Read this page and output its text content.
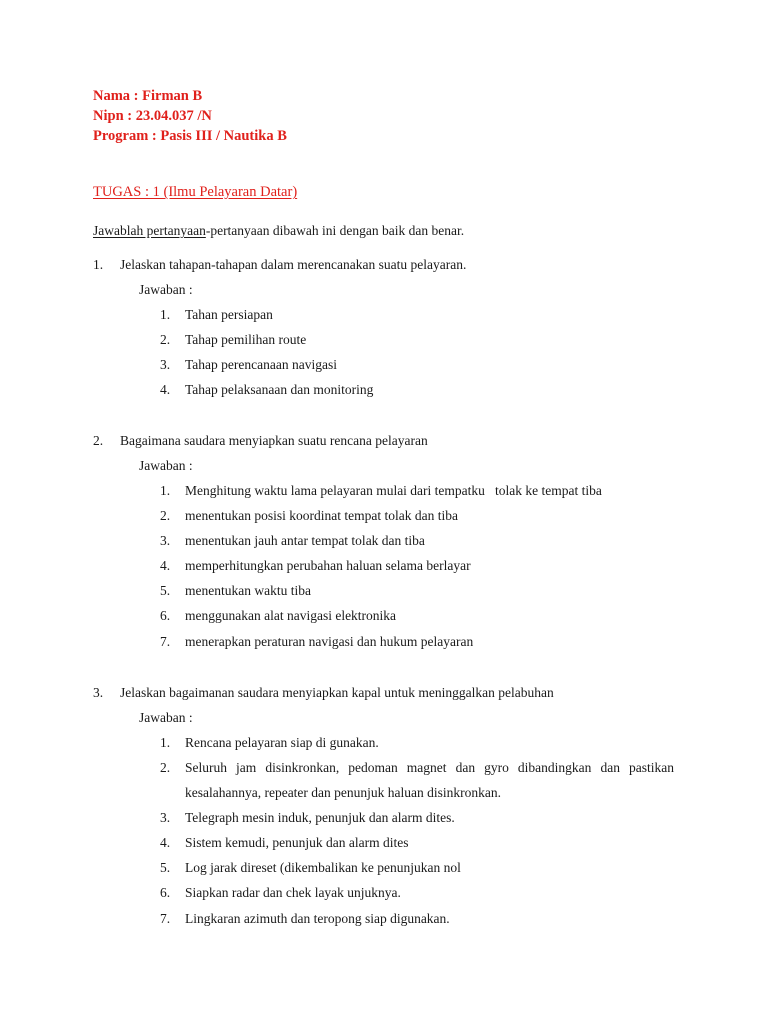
Nama : Firman B
Nipn : 23.04.037 /N
Program : Pasis III / Nautika B
TUGAS : 1 (Ilmu Pelayaran Datar)
Jawablah pertanyaan-pertanyaan dibawah ini dengan baik dan benar.
1. Jelaskan tahapan-tahapan dalam merencanakan suatu pelayaran.
Jawaban :
1.	Tahan persiapan
2.	Tahap pemilihan route
3.	Tahap perencanaan navigasi
4.	Tahap pelaksanaan dan monitoring
2. Bagaimana saudara menyiapkan suatu rencana pelayaran
Jawaban :
1.	Menghitung waktu lama pelayaran mulai dari tempatku   tolak ke tempat tiba
2.	menentukan posisi koordinat tempat tolak dan tiba
3.	menentukan jauh antar tempat tolak dan tiba
4.	memperhitungkan perubahan haluan selama berlayar
5.	menentukan waktu tiba
6.	menggunakan alat navigasi elektronika
7.	menerapkan peraturan navigasi dan hukum pelayaran
3. Jelaskan bagaimanan saudara menyiapkan kapal untuk meninggalkan pelabuhan
Jawaban :
1.	Rencana pelayaran siap di gunakan.
2.	Seluruh jam disinkronkan, pedoman magnet dan gyro dibandingkan dan pastikan kesalahannya, repeater dan penunjuk haluan disinkronkan.
3.	Telegraph mesin induk, penunjuk dan alarm dites.
4.	Sistem kemudi, penunjuk dan alarm dites
5.	Log jarak direset (dikembalikan ke penunjukan nol
6.	Siapkan radar dan chek layak unjuknya.
7.	Lingkaran azimuth dan teropong siap digunakan.
